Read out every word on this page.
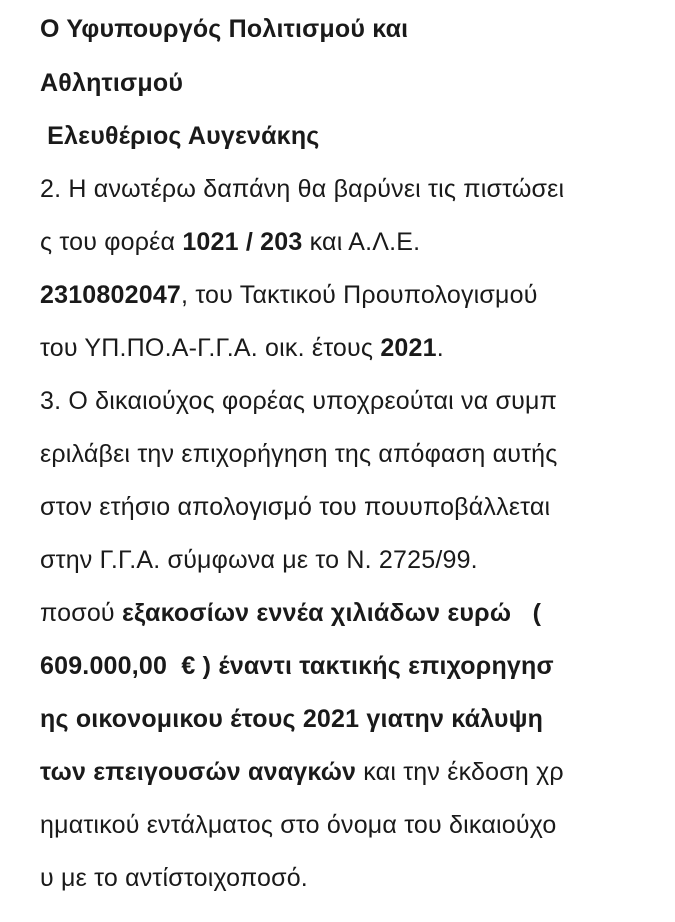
Ο Υφυπουργός Πολιτισμού και
Αθλητισμού
Ελευθέριος Αυγενάκης
2. Η ανωτέρω δαπάνη θα βαρύνει τις πιστώσει
ς του φορέα 1021 / 203 και Α.Λ.Ε.
2310802047, του Τακτικού Προυπολογισμού
του ΥΠ.ΠΟ.Α-Γ.Γ.Α. οικ. έτους 2021.
3. Ο δικαιούχος φορέας υποχρεούται να συμπ
εριλάβει την επιχορήγηση της απόφαση αυτής
στον ετήσιο απολογισμό του πουυποβάλλεται
στην Γ.Γ.Α. σύμφωνα με το Ν. 2725/99.
ποσού εξακοσίων εννέα χιλιάδων ευρώ   (
609.000,00  € ) έναντι τακτικής επιχορηγησ
ης οικονομικου έτους 2021 γιατην κάλυψη
των επειγουσών αναγκών και την έκδοση χρ
ηματικού εντάλματος στο όνομα του δικαιούχο
υ με το αντίστοιχοποσό.
